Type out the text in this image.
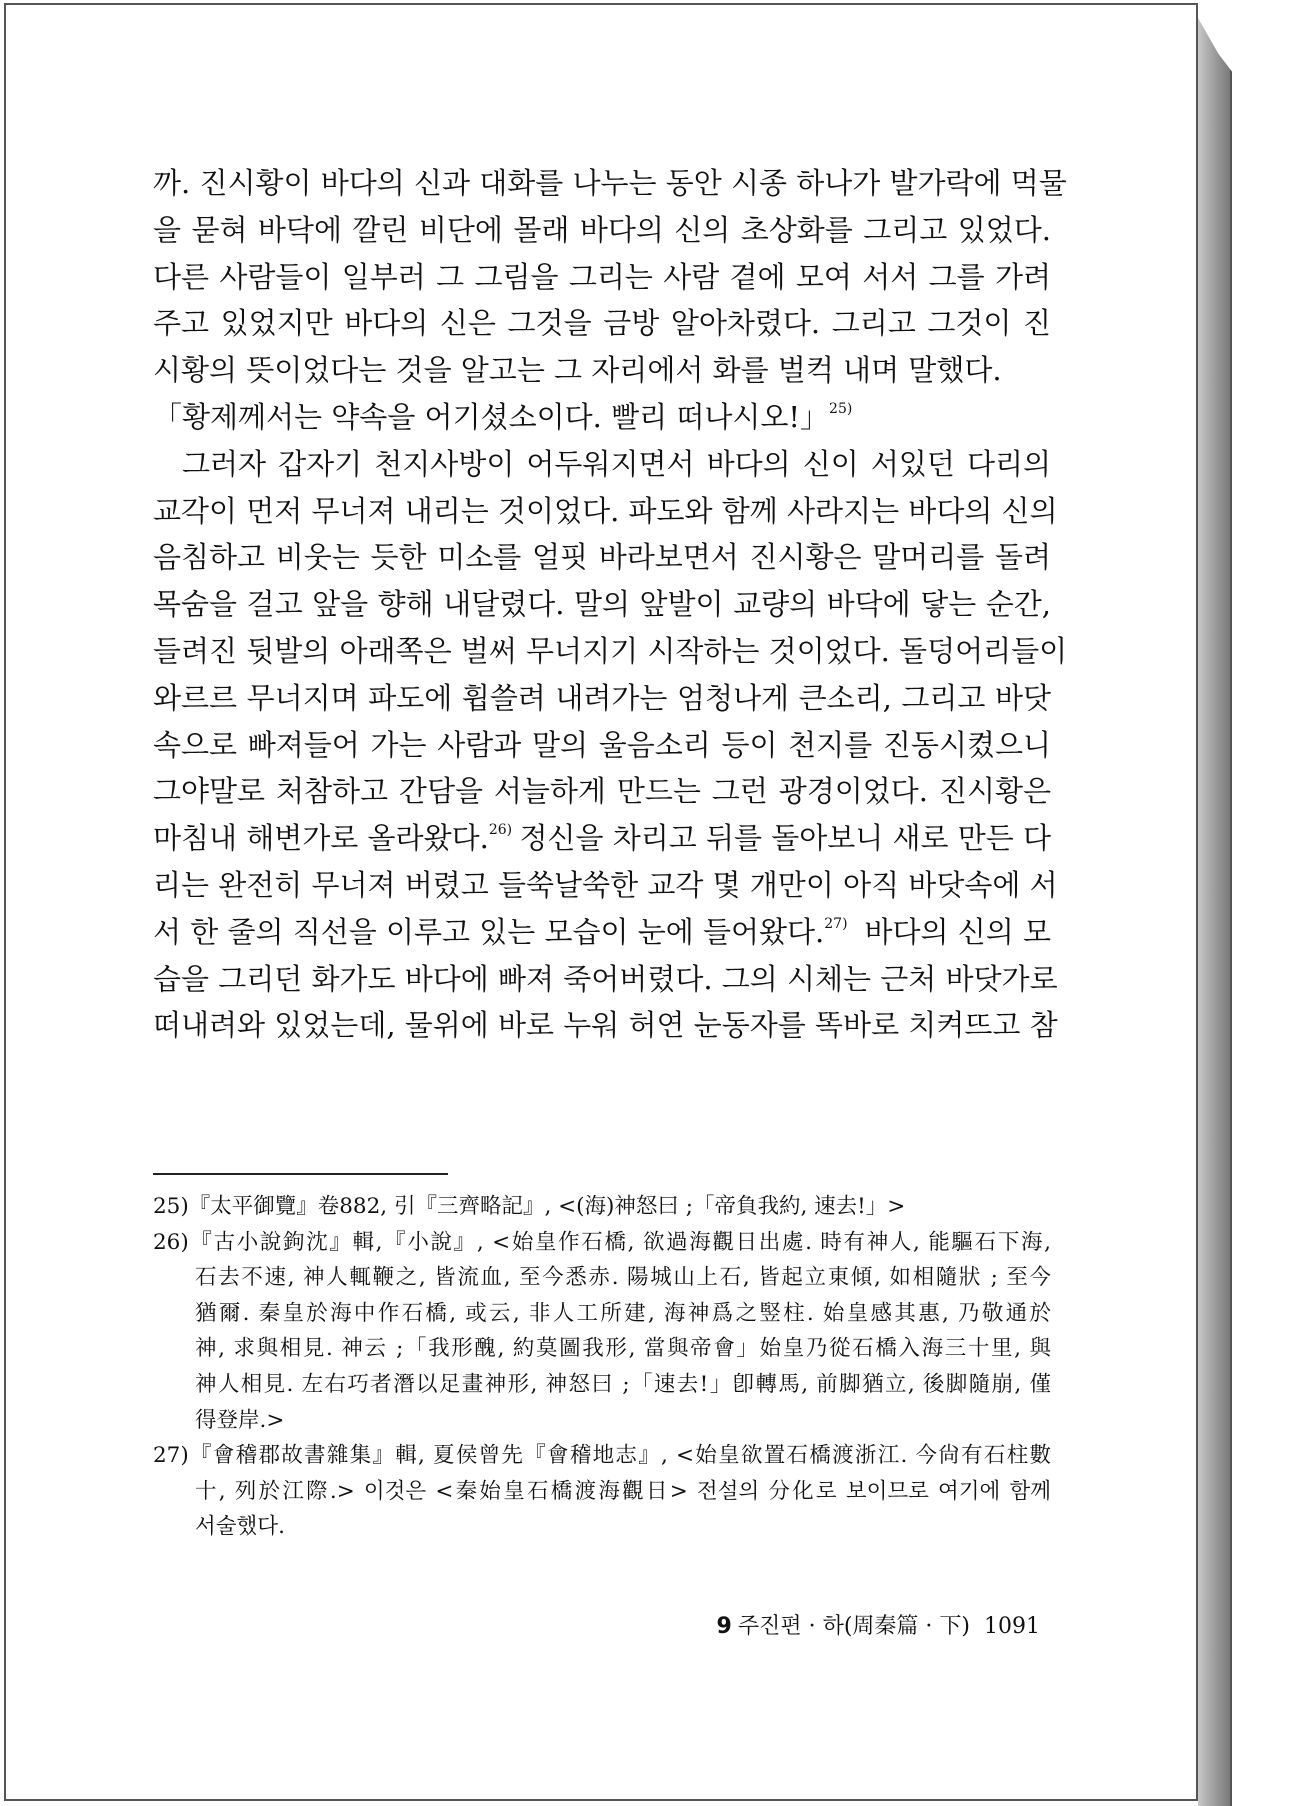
까. 진시황이 바다의 신과 대화를 나누는 동안 시종 하나가 발가락에 먹물
을 묻혀 바닥에 깔린 비단에 몰래 바다의 신의 초상화를 그리고 있었다.
다른 사람들이 일부러 그 그림을 그리는 사람 곁에 모여 서서 그를 가려
주고 있었지만 바다의 신은 그것을 금방 알아차렸다. 그리고 그것이 진
시황의 뜻이었다는 것을 알고는 그 자리에서 화를 벌컥 내며 말했다.
「황제께서는 약속을 어기셨소이다. 빨리 떠나시오!」$^{25)}$
그러자 갑자기 천지사방이 어두워지면서 바다의 신이 서있던 다리의
교각이 먼저 무너져 내리는 것이었다. 파도와 함께 사라지는 바다의 신의
음침하고 비웃는 듯한 미소를 얼핏 바라보면서 진시황은 말머리를 돌려
목숨을 걸고 앞을 향해 내달렸다. 말의 앞발이 교량의 바닥에 닿는 순간,
들려진 뒷발의 아래쪽은 벌써 무너지기 시작하는 것이었다. 돌덩어리들이
와르르 무너지며 파도에 휩쓸려 내려가는 엄청나게 큰소리, 그리고 바닷
속으로 빠져들어 가는 사람과 말의 울음소리 등이 천지를 진동시켰으니
그야말로 처참하고 간담을 서늘하게 만드는 그런 광경이었다. 진시황은
마침내 해변가로 올라왔다.$^{26)}$ 정신을 차리고 뒤를 돌아보니 새로 만든 다
리는 완전히 무너져 버렸고 들쑥날쑥한 교각 몇 개만이 아직 바닷속에 서
서 한 줄의 직선을 이루고 있는 모습이 눈에 들어왔다.$^{27)}$ 바다의 신의 모
습을 그리던 화가도 바다에 빠져 죽어버렸다. 그의 시체는 근처 바닷가로
떠내려와 있었는데, 물위에 바로 누워 허연 눈동자를 똑바로 치켜뜨고 참
25)『太平御覽』卷882, 引『三齊略記』, <(海)神怒曰 ;「帝負我約, 速去!」>
26)『古小說鉤沈』輯,『小說』, <始皇作石橋, 欲過海觀日出處. 時有神人, 能驅石下海,
石去不速, 神人輒鞭之, 皆流血, 至今悉赤. 陽城山上石, 皆起立東傾, 如相隨狀 ; 至今
猶爾. 秦皇於海中作石橋, 或云, 非人工所建, 海神爲之竪柱. 始皇感其惠, 乃敬通於
神, 求與相見. 神云 ;「我形醜, 約莫圖我形, 當與帝會」始皇乃從石橋入海三十里, 與
神人相見. 左右巧者潛以足畫神形, 神怒曰 ;「速去!」卽轉馬, 前脚猶立, 後脚隨崩, 僅
得登岸.>
27)『會稽郡故書雜集』輯, 夏侯曾先『會稽地志』, <始皇欲置石橋渡浙江. 今尙有石柱數
十, 列於江際.> 이것은 <秦始皇石橋渡海觀日> 전설의 分化로 보이므로 여기에 함께
서술했다.
9 주진편 · 하(周秦篇 · 下) 1091
